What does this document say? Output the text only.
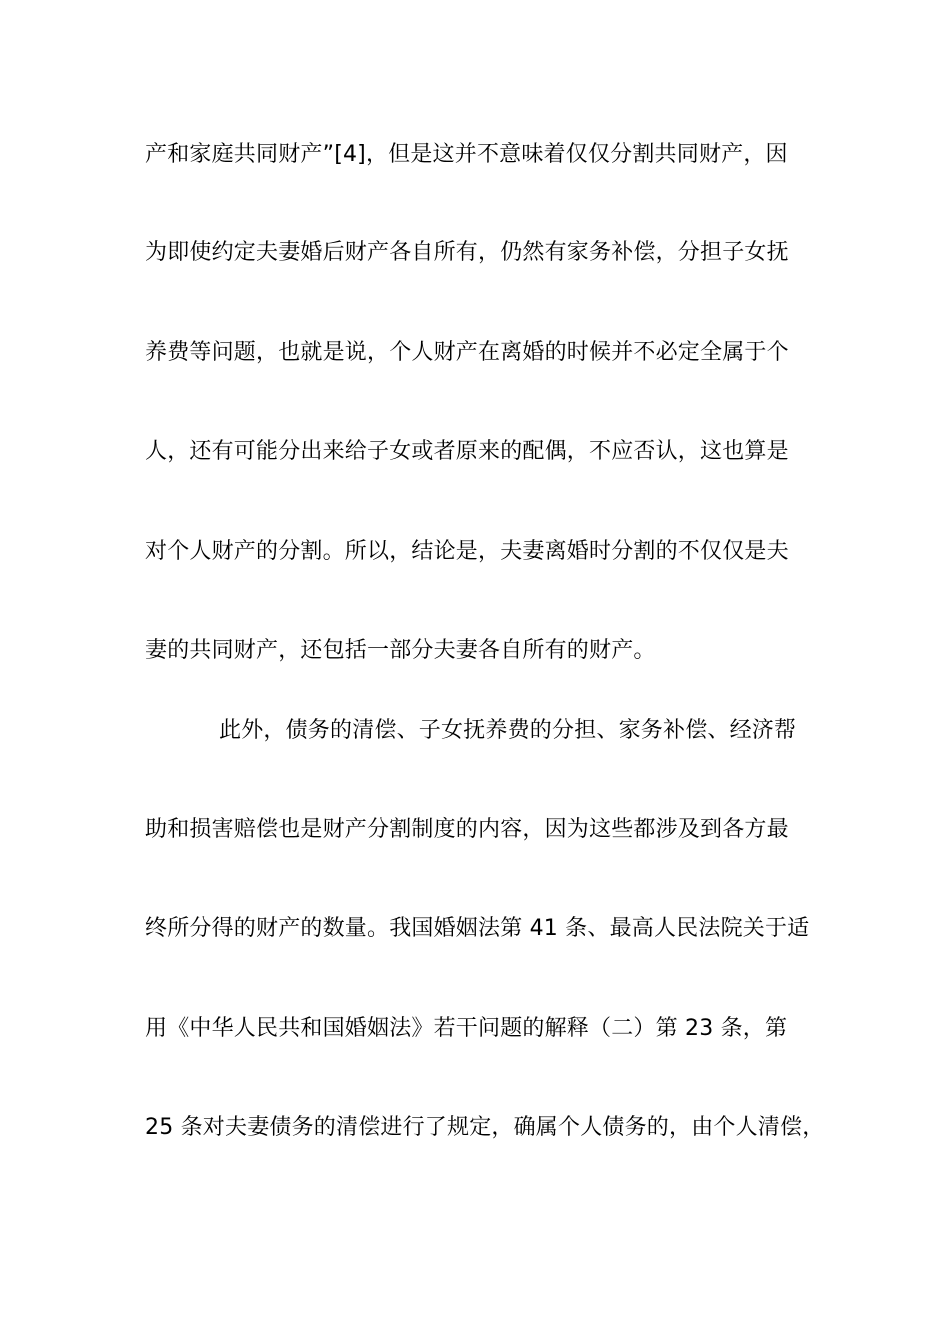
产和家庭共同财产”[4]，但是这并不意味着仅仅分割共同财产，因
为即使约定夫妻婚后财产各自所有，仍然有家务补偿，分担子女抚
养费等问题，也就是说，个人财产在离婚的时候并不必定全属于个
人，还有可能分出来给子女或者原来的配偶，不应否认，这也算是
对个人财产的分割。所以，结论是，夫妻离婚时分割的不仅仅是夫
妻的共同财产，还包括一部分夫妻各自所有的财产。
此外，债务的清偿、子女抚养费的分担、家务补偿、经济帮
助和损害赔偿也是财产分割制度的内容，因为这些都涉及到各方最
终所分得的财产的数量。我国婚姻法第 41 条、最高人民法院关于适
用《中华人民共和国婚姻法》若干问题的解释（二）第 23 条，第
25 条对夫妻债务的清偿进行了规定，确属个人债务的，由个人清偿，
